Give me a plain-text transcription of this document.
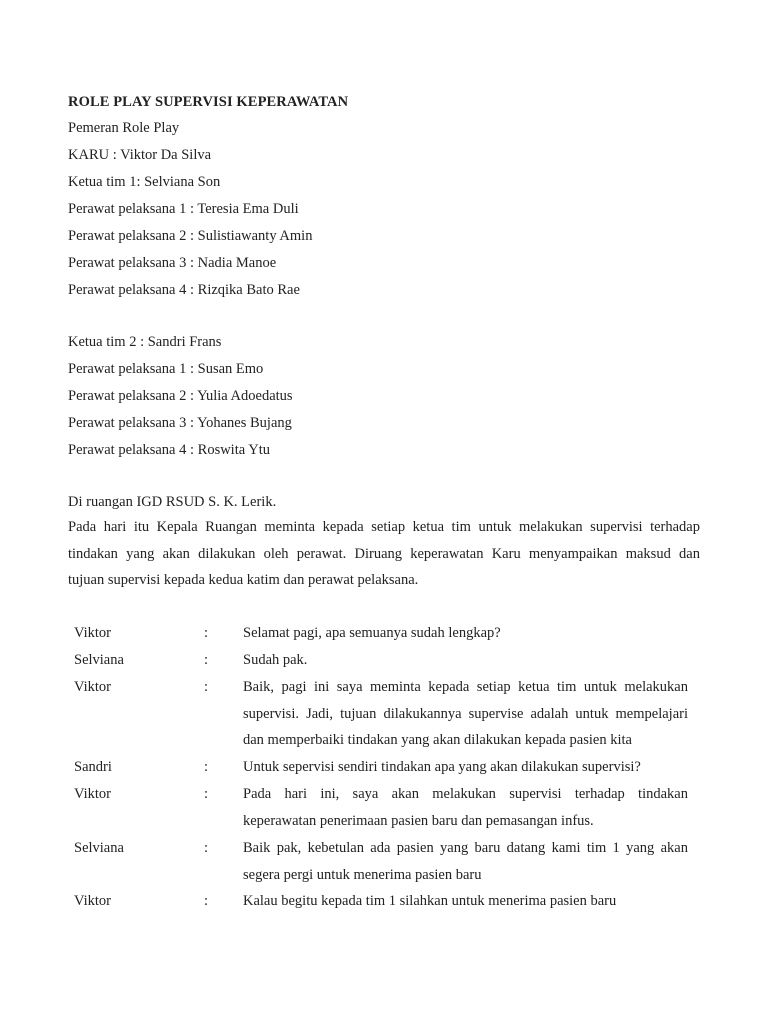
ROLE PLAY SUPERVISI KEPERAWATAN
Pemeran Role Play
KARU : Viktor Da Silva
Ketua tim 1: Selviana Son
Perawat pelaksana 1 : Teresia Ema Duli
Perawat pelaksana 2 : Sulistiawanty Amin
Perawat pelaksana 3 : Nadia Manoe
Perawat pelaksana 4 : Rizqika Bato Rae
Ketua tim 2 : Sandri Frans
Perawat pelaksana 1 : Susan Emo
Perawat pelaksana 2 : Yulia Adoedatus
Perawat pelaksana 3 : Yohanes Bujang
Perawat pelaksana 4 : Roswita Ytu
Di ruangan IGD RSUD S. K. Lerik.
Pada hari itu Kepala Ruangan meminta kepada setiap ketua tim untuk melakukan supervisi terhadap
tindakan yang akan dilakukan oleh perawat. Diruang keperawatan Karu menyampaikan maksud dan
tujuan supervisi kepada kedua katim dan perawat pelaksana.
Viktor	: Selamat pagi, apa semuanya sudah lengkap?
Selviana	: Sudah pak.
Viktor	: Baik, pagi ini saya meminta kepada setiap ketua tim untuk melakukan
supervisi. Jadi, tujuan dilakukannya supervise adalah untuk mempelajari
dan memperbaiki tindakan yang akan dilakukan kepada pasien kita
Sandri	: Untuk sepervisi sendiri tindakan apa yang akan dilakukan supervisi?
Viktor	: Pada hari ini, saya akan melakukan supervisi terhadap tindakan
keperawatan penerimaan pasien baru dan pemasangan infus.
Selviana	: Baik pak, kebetulan ada pasien yang baru datang kami tim 1 yang akan
segera pergi untuk menerima pasien baru
Viktor	: Kalau begitu kepada tim 1 silahkan untuk menerima pasien baru
